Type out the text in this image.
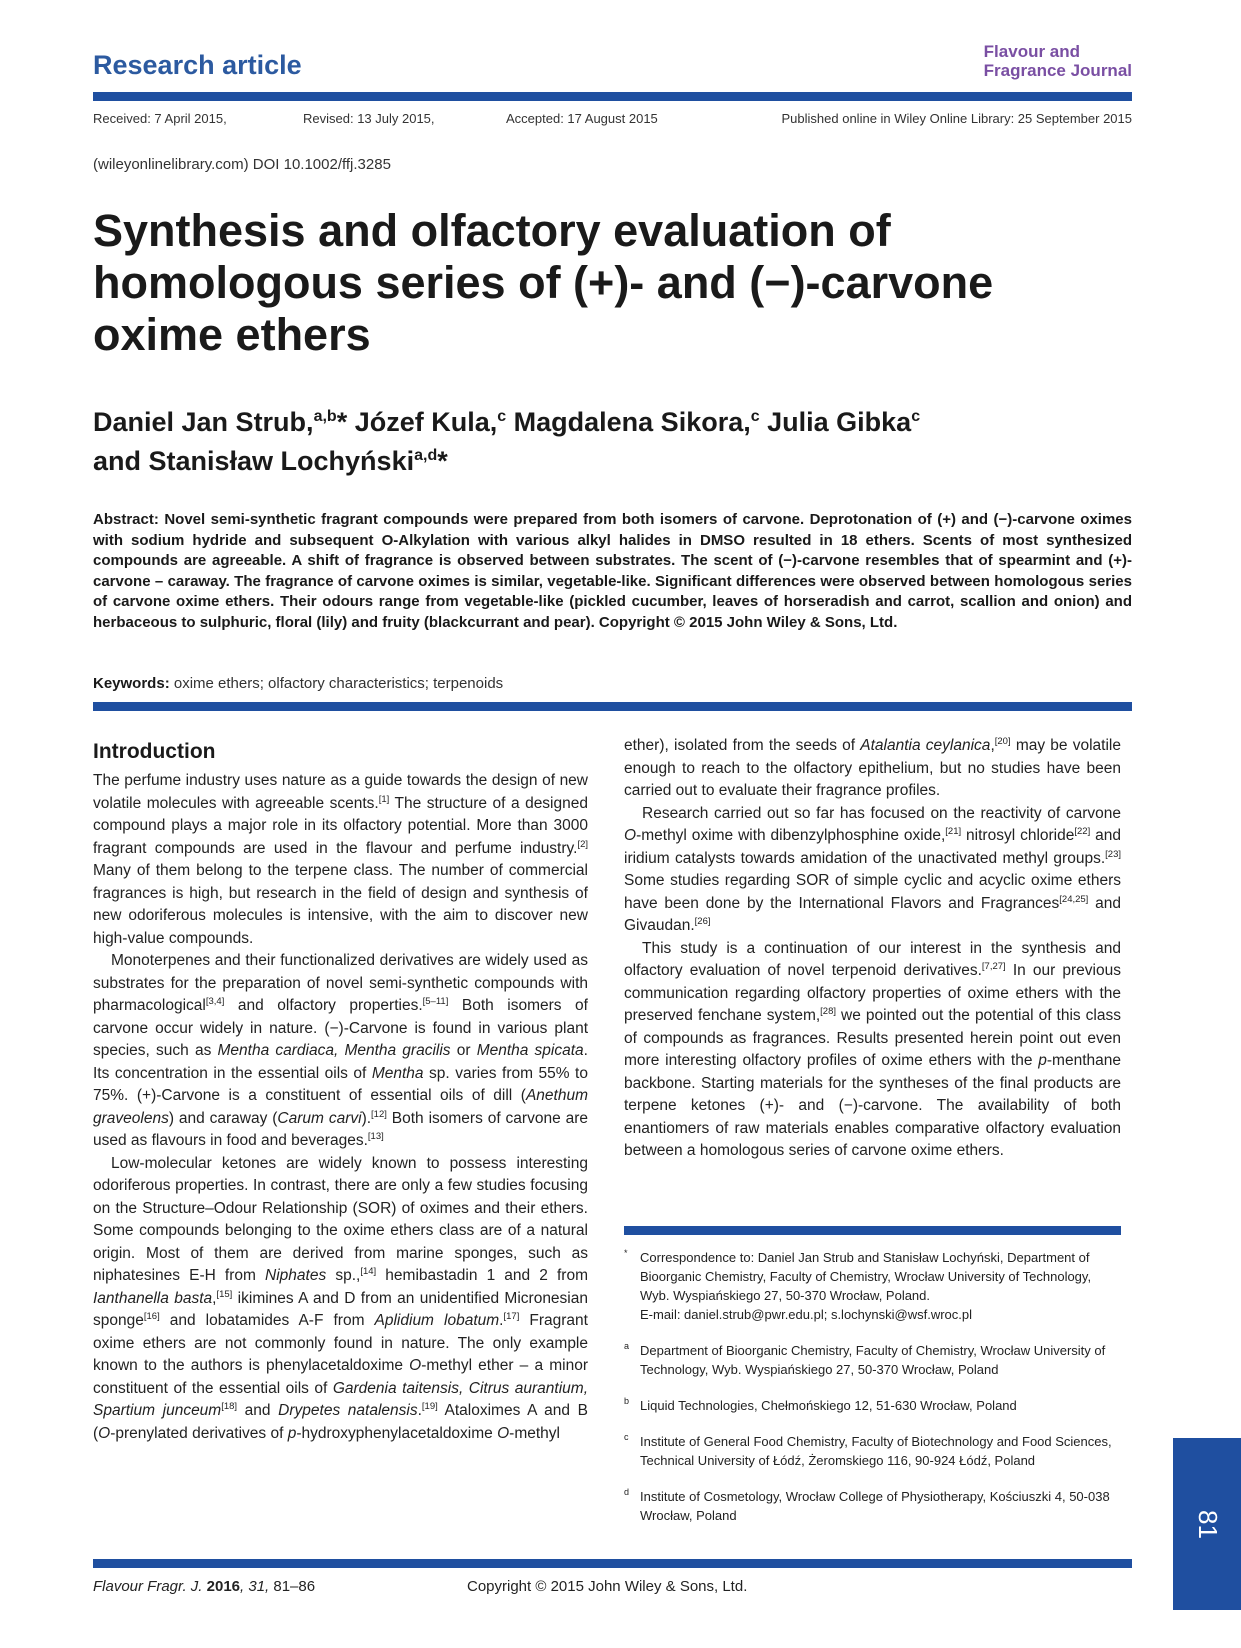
Research article	Flavour and
Fragrance Journal
Received: 7 April 2015,	Revised: 13 July 2015,	Accepted: 17 August 2015	Published online in Wiley Online Library: 25 September 2015
(wileyonlinelibrary.com) DOI 10.1002/ffj.3285
Synthesis and olfactory evaluation of
homologous series of (+)- and (−)-carvone
oxime ethers
Daniel Jan Strub,$^{a,b}$* Józef Kula,$^c$ Magdalena Sikora,$^c$ Julia Gibka$^c$
and Stanisław Lochyński$^{a,d}$*
Abstract: Novel semi-synthetic fragrant compounds were prepared from both isomers of carvone. Deprotonation of (+) and (−)-carvone oximes with sodium hydride and subsequent O-Alkylation with various alkyl halides in DMSO resulted in 18 ethers. Scents of most synthesized compounds are agreeable. A shift of fragrance is observed between substrates. The scent of (−)-carvone resembles that of spearmint and (+)-carvone – caraway. The fragrance of carvone oximes is similar, vegetable-like. Significant differences were observed between homologous series of carvone oxime ethers. Their odours range from vegetable-like (pickled cucumber, leaves of horseradish and carrot, scallion and onion) and herbaceous to sulphuric, floral (lily) and fruity (blackcurrant and pear). Copyright © 2015 John Wiley & Sons, Ltd.
Keywords: oxime ethers; olfactory characteristics; terpenoids
Introduction

The perfume industry uses nature as a guide towards the design of new volatile molecules with agreeable scents.[1] The structure of a designed compound plays a major role in its olfactory potential. More than 3000 fragrant compounds are used in the flavour and perfume industry.[2] Many of them belong to the terpene class. The number of commercial fragrances is high, but research in the field of design and synthesis of new odoriferous molecules is intensive, with the aim to discover new high-value compounds.

Monoterpenes and their functionalized derivatives are widely used as substrates for the preparation of novel semi-synthetic compounds with pharmacological[3,4] and olfactory properties.[5–11] Both isomers of carvone occur widely in nature. (−)-Carvone is found in various plant species, such as Mentha cardiaca, Mentha gracilis or Mentha spicata. Its concentration in the essential oils of Mentha sp. varies from 55% to 75%. (+)-Carvone is a constituent of essential oils of dill (Anethum graveolens) and caraway (Carum carvi).[12] Both isomers of carvone are used as flavours in food and beverages.[13]

Low-molecular ketones are widely known to possess interesting odoriferous properties. In contrast, there are only a few studies focusing on the Structure–Odour Relationship (SOR) of oximes and their ethers. Some compounds belonging to the oxime ethers class are of a natural origin. Most of them are derived from marine sponges, such as niphatesines E-H from Niphates sp.,[14] hemibastadin 1 and 2 from Ianthanella basta,[15] ikimines A and D from an unidentified Micronesian sponge[16] and lobatamides A-F from Aplidium lobatum.[17] Fragrant oxime ethers are not commonly found in nature. The only example known to the authors is phenylacetaldoxime O-methyl ether – a minor constituent of the essential oils of Gardenia taitensis, Citrus aurantium, Spartium junceum[18] and Drypetes natalensis.[19] Ataloximes A and B (O-prenylated derivatives of p-hydroxyphenylacetaldoxime O-methyl

ether), isolated from the seeds of Atalantia ceylanica,[20] may be volatile enough to reach to the olfactory epithelium, but no studies have been carried out to evaluate their fragrance profiles.

Research carried out so far has focused on the reactivity of carvone O-methyl oxime with dibenzylphosphine oxide,[21] nitrosyl chloride[22] and iridium catalysts towards amidation of the unactivated methyl groups.[23] Some studies regarding SOR of simple cyclic and acyclic oxime ethers have been done by the International Flavors and Fragrances[24,25] and Givaudan.[26]

This study is a continuation of our interest in the synthesis and olfactory evaluation of novel terpenoid derivatives.[7,27] In our previous communication regarding olfactory properties of oxime ethers with the preserved fenchane system,[28] we pointed out the potential of this class of compounds as fragrances. Results presented herein point out even more interesting olfactory profiles of oxime ethers with the p-menthane backbone. Starting materials for the syntheses of the final products are terpene ketones (+)- and (−)-carvone. The availability of both enantiomers of raw materials enables comparative olfactory evaluation between a homologous series of carvone oxime ethers.

* Correspondence to: Daniel Jan Strub and Stanisław Lochyński, Department of Bioorganic Chemistry, Faculty of Chemistry, Wrocław University of Technology, Wyb. Wyspiańskiego 27, 50-370 Wrocław, Poland.
E-mail: daniel.strub@pwr.edu.pl; s.lochynski@wsf.wroc.pl
a Department of Bioorganic Chemistry, Faculty of Chemistry, Wrocław University of Technology, Wyb. Wyspiańskiego 27, 50-370 Wrocław, Poland
b Liquid Technologies, Chełmońskiego 12, 51-630 Wrocław, Poland
c Institute of General Food Chemistry, Faculty of Biotechnology and Food Sciences, Technical University of Łódź, Żeromskiego 116, 90-924 Łódź, Poland
d Institute of Cosmetology, Wrocław College of Physiotherapy, Kościuszki 4, 50-038 Wrocław, Poland
Flavour Fragr. J. 2016, 31, 81–86	Copyright © 2015 John Wiley & Sons, Ltd.
81
